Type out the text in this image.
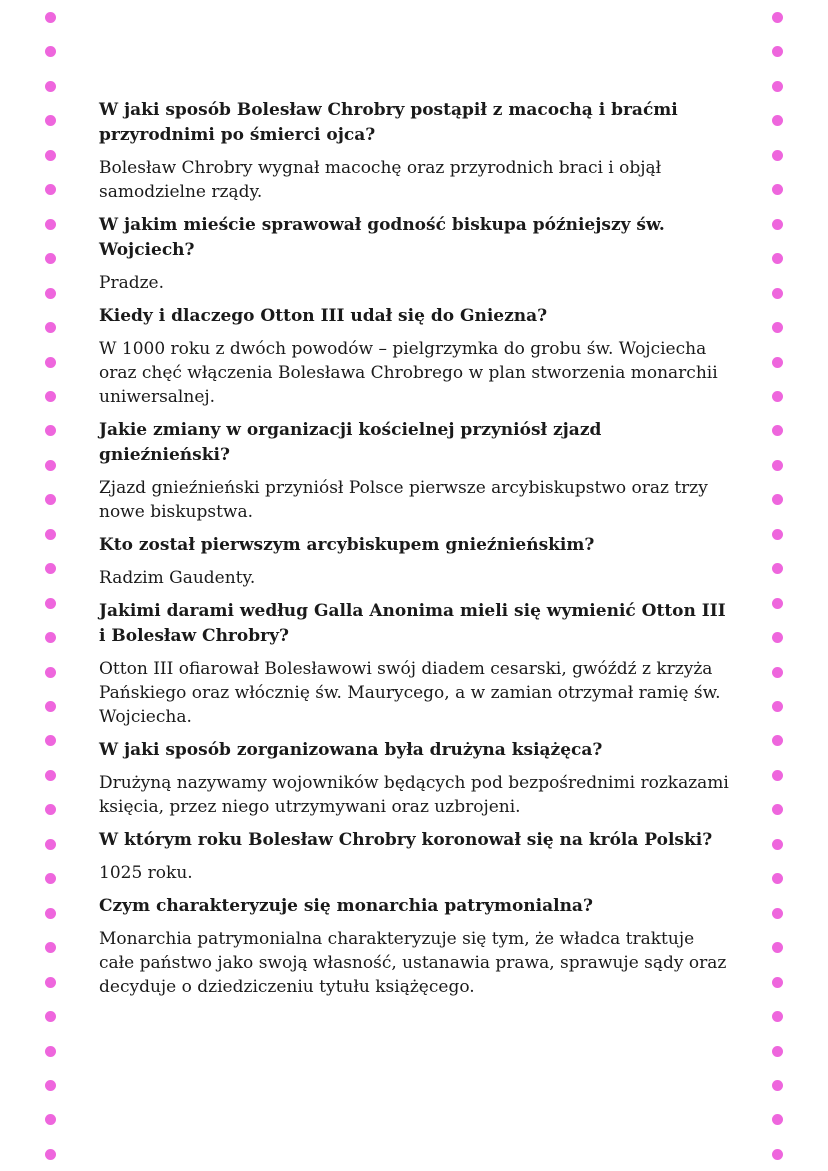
W jaki sposób Bolesław Chrobry postąpił z macochą i braćmi przyrodnimi po śmierci ojca?

Bolesław Chrobry wygnał macochę oraz przyrodnich braci i objął samodzielne rządy.

W jakim mieście sprawował godność biskupa późniejszy św. Wojciech?

Pradze.

Kiedy i dlaczego Otton III udał się do Gniezna?

W 1000 roku z dwóch powodów – pielgrzymka do grobu św. Wojciecha oraz chęć włączenia Bolesława Chrobrego w plan stworzenia monarchii uniwersalnej.

Jakie zmiany w organizacji kościelnej przyniósł zjazd gnieźnieński?

Zjazd gnieźnieński przyniósł Polsce pierwsze arcybiskupstwo oraz trzy nowe biskupstwa.

Kto został pierwszym arcybiskupem gnieźnieńskim?

Radzim Gaudenty.

Jakimi darami według Galla Anonima mieli się wymienić Otton III i Bolesław Chrobry?

Otton III ofiarował Bolesławowi swój diadem cesarski, gwóźdź z krzyża Pańskiego oraz włócznię św. Maurycego, a w zamian otrzymał ramię św. Wojciecha.

W jaki sposób zorganizowana była drużyna książęca?

Drużyną nazywamy wojowników będących pod bezpośrednimi rozkazami księcia, przez niego utrzymywani oraz uzbrojeni.

W którym roku Bolesław Chrobry koronował się na króla Polski?

1025 roku.

Czym charakteryzuje się monarchia patrymonialna?

Monarchia patrymonialna charakteryzuje się tym, że władca traktuje całe państwo jako swoją własność, ustanawia prawa, sprawuje sądy oraz decyduje o dziedziczeniu tytułu książęcego.
